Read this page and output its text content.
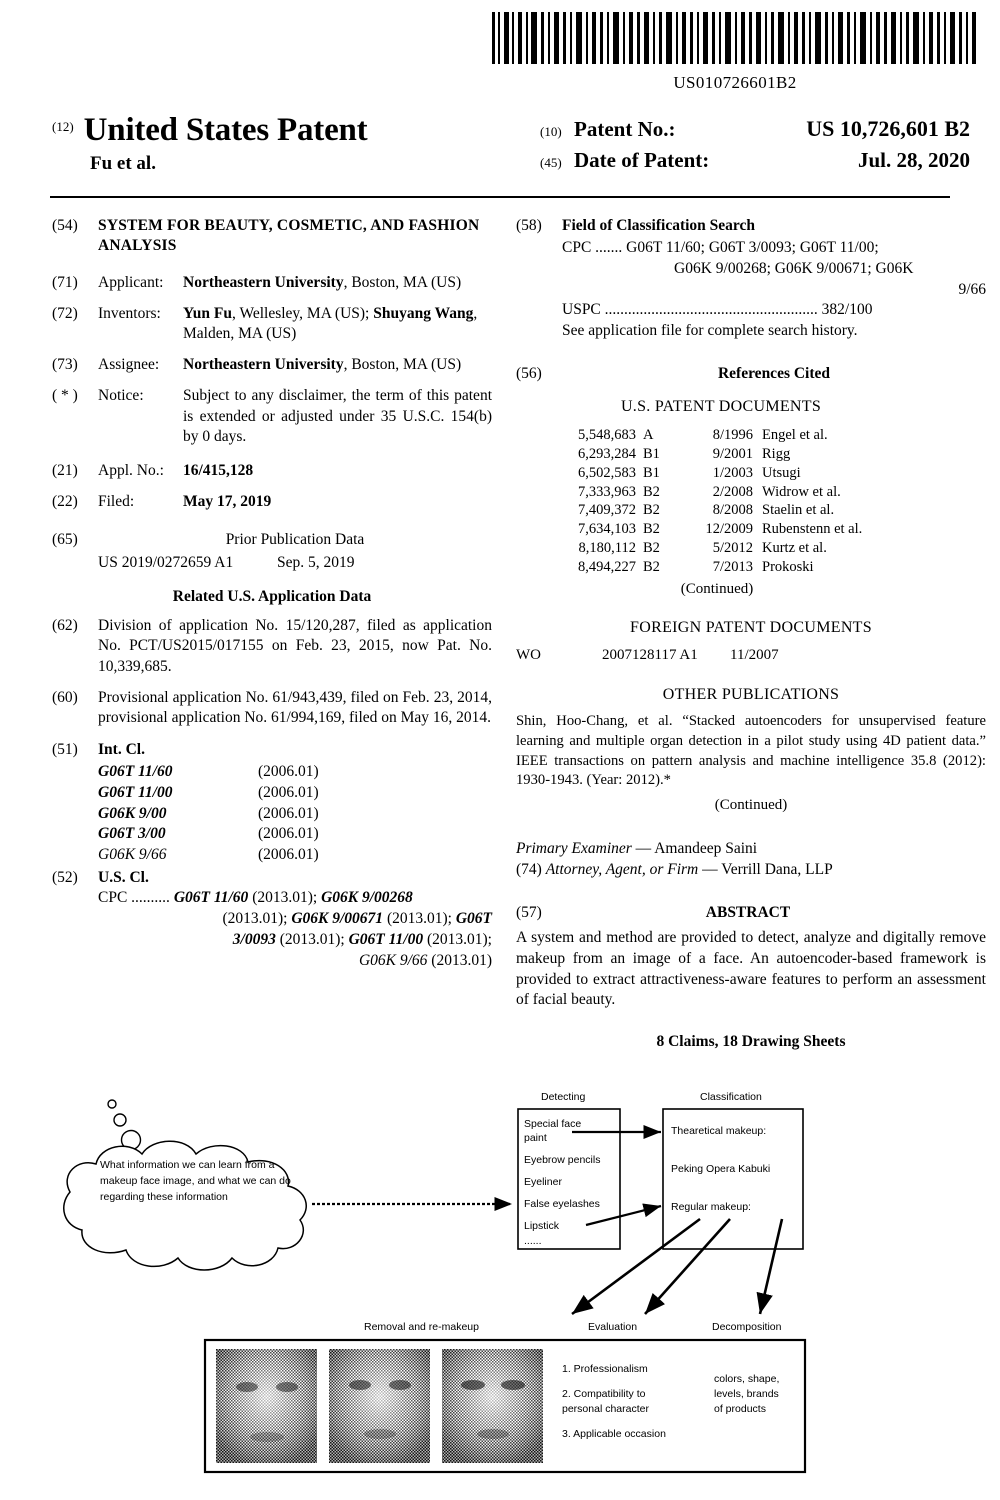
US010726601B2
$^{(12)}$ United States Patent
Fu et al.
(10) Patent No.:	US 10,726,601 B2
(45) Date of Patent:	Jul. 28, 2020
(54)	SYSTEM FOR BEAUTY, COSMETIC, AND FASHION ANALYSIS
(71)	Applicant:	Northeastern University, Boston, MA (US)
(72)	Inventors:	Yun Fu, Wellesley, MA (US); Shuyang Wang, Malden, MA (US)
(73)	Assignee:	Northeastern University, Boston, MA (US)
( * )	Notice:	Subject to any disclaimer, the term of this patent is extended or adjusted under 35 U.S.C. 154(b) by 0 days.
(21)	Appl. No.:	16/415,128
(22)	Filed:	May 17, 2019
(65)	Prior Publication Data
US 2019/0272659 A1	Sep. 5, 2019
Related U.S. Application Data
(62)	Division of application No. 15/120,287, filed as application No. PCT/US2015/017155 on Feb. 23, 2015, now Pat. No. 10,339,685.
(60)	Provisional application No. 61/943,439, filed on Feb. 23, 2014, provisional application No. 61/994,169, filed on May 16, 2014.
(51)	Int. Cl.
G06T 11/60	(2006.01)
G06T 11/00	(2006.01)
G06K 9/00	(2006.01)
G06T 3/00	(2006.01)
G06K 9/66	(2006.01)
(52)	U.S. Cl.
CPC .......... G06T 11/60 (2013.01); G06K 9/00268
(2013.01); G06K 9/00671 (2013.01); G06T
3/0093 (2013.01); G06T 11/00 (2013.01);
G06K 9/66 (2013.01)
(58)	Field of Classification Search
CPC ....... G06T 11/60; G06T 3/0093; G06T 11/00;
G06K 9/00268; G06K 9/00671; G06K
9/66
USPC ....................................................... 382/100
See application file for complete search history.
(56)	References Cited
U.S. PATENT DOCUMENTS
5,548,683 A	8/1996 Engel et al.
6,293,284 B1	9/2001 Rigg
6,502,583 B1	1/2003 Utsugi
7,333,963 B2	2/2008 Widrow et al.
7,409,372 B2	8/2008 Staelin et al.
7,634,103 B2	12/2009 Rubenstenn et al.
8,180,112 B2	5/2012 Kurtz et al.
8,494,227 B2	7/2013 Prokoski
(Continued)
FOREIGN PATENT DOCUMENTS
WO	2007128117 A1	11/2007
OTHER PUBLICATIONS
Shin, Hoo-Chang, et al. “Stacked autoencoders for unsupervised feature learning and multiple organ detection in a pilot study using 4D patient data.” IEEE transactions on pattern analysis and machine intelligence 35.8 (2012): 1930-1943. (Year: 2012).*
(Continued)
Primary Examiner — Amandeep Saini
(74) Attorney, Agent, or Firm — Verrill Dana, LLP
(57)	ABSTRACT
A system and method are provided to detect, analyze and digitally remove makeup from an image of a face. An autoencoder-based framework is provided to extract attractiveness-aware features to perform an assessment of facial beauty.
8 Claims, 18 Drawing Sheets
What information we can learn from a
makeup face image, and what we can do
regarding these information
Detecting
Special face
paint
Eyebrow pencils
Eyeliner
False eyelashes
Lipstick
......
Classification
Thearetical makeup:
Peking Opera Kabuki
Regular makeup:
Removal and re-makeup	Evaluation	Decomposition
1. Professionalism
2. Compatibility to
personal character
3. Applicable occasion
colors, shape,
levels, brands
of products
